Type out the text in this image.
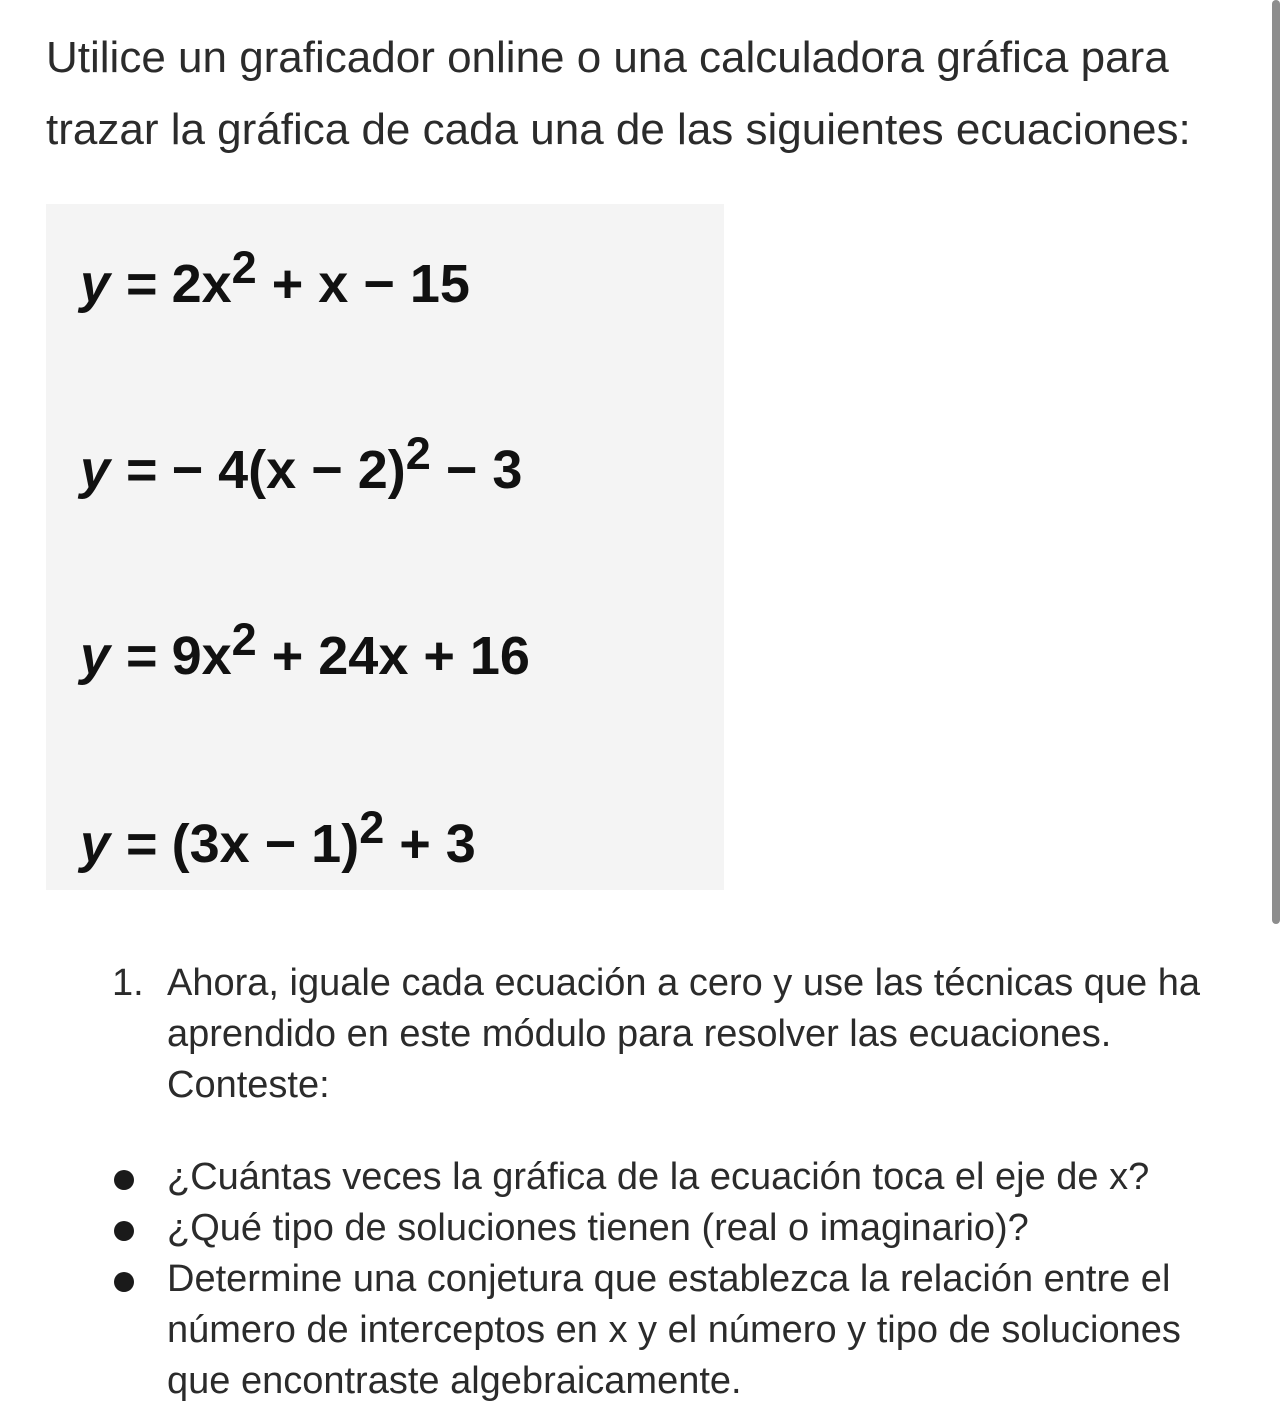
Utilice un graficador online o una calculadora gráfica para trazar la gráfica de cada una de las siguientes ecuaciones:

$y = 2x^2 + x - 15$
y = − $4(x - 2)^2 - 3$
$y = 9x^2 + 24x + 16$
$y = (3x - 1)^2 + 3$
1. Ahora, iguale cada ecuación a cero y use las técnicas que ha aprendido en este módulo para resolver las ecuaciones. Conteste:
¿Cuántas veces la gráfica de la ecuación toca el eje de x?
¿Qué tipo de soluciones tienen (real o imaginario)?
Determine una conjetura que establezca la relación entre el número de interceptos en x y el número y tipo de soluciones que encontraste algebraicamente.
